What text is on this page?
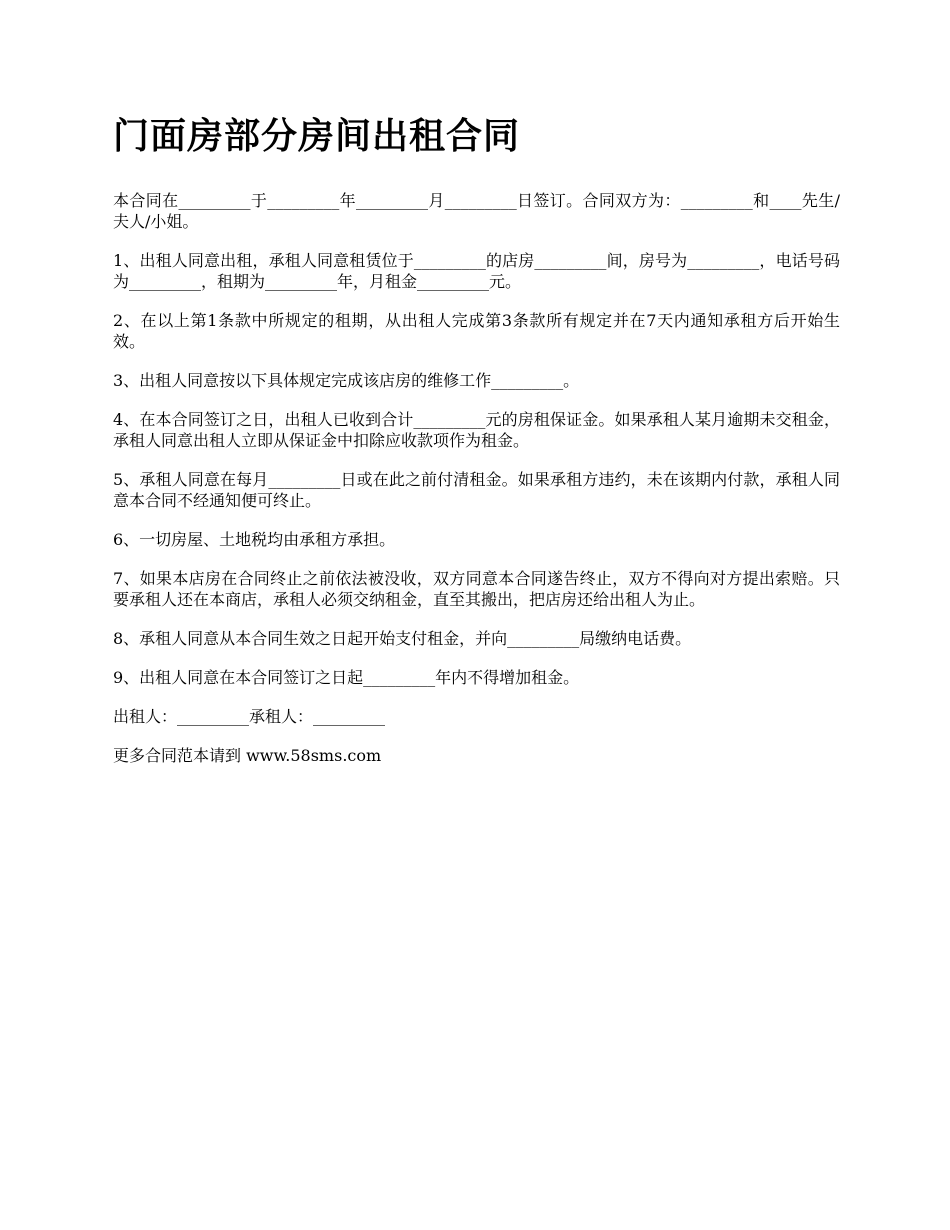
门面房部分房间出租合同

本合同在_________于_________年_________月_________日签订。合同双方为：_________和____先生/夫人/小姐。

1、出租人同意出租，承租人同意租赁位于_________的店房_________间，房号为_________，电话号码为_________，租期为_________年，月租金_________元。

2、在以上第1条款中所规定的租期，从出租人完成第3条款所有规定并在7天内通知承租方后开始生效。

3、出租人同意按以下具体规定完成该店房的维修工作_________。

4、在本合同签订之日，出租人已收到合计_________元的房租保证金。如果承租人某月逾期未交租金，承租人同意出租人立即从保证金中扣除应收款项作为租金。

5、承租人同意在每月_________日或在此之前付清租金。如果承租方违约，未在该期内付款，承租人同意本合同不经通知便可终止。

6、一切房屋、土地税均由承租方承担。

7、如果本店房在合同终止之前依法被没收，双方同意本合同遂告终止，双方不得向对方提出索赔。只要承租人还在本商店，承租人必须交纳租金，直至其搬出，把店房还给出租人为止。

8、承租人同意从本合同生效之日起开始支付租金，并向_________局缴纳电话费。

9、出租人同意在本合同签订之日起_________年内不得增加租金。

出租人：_________承租人：_________

更多合同范本请到 www.58sms.com
